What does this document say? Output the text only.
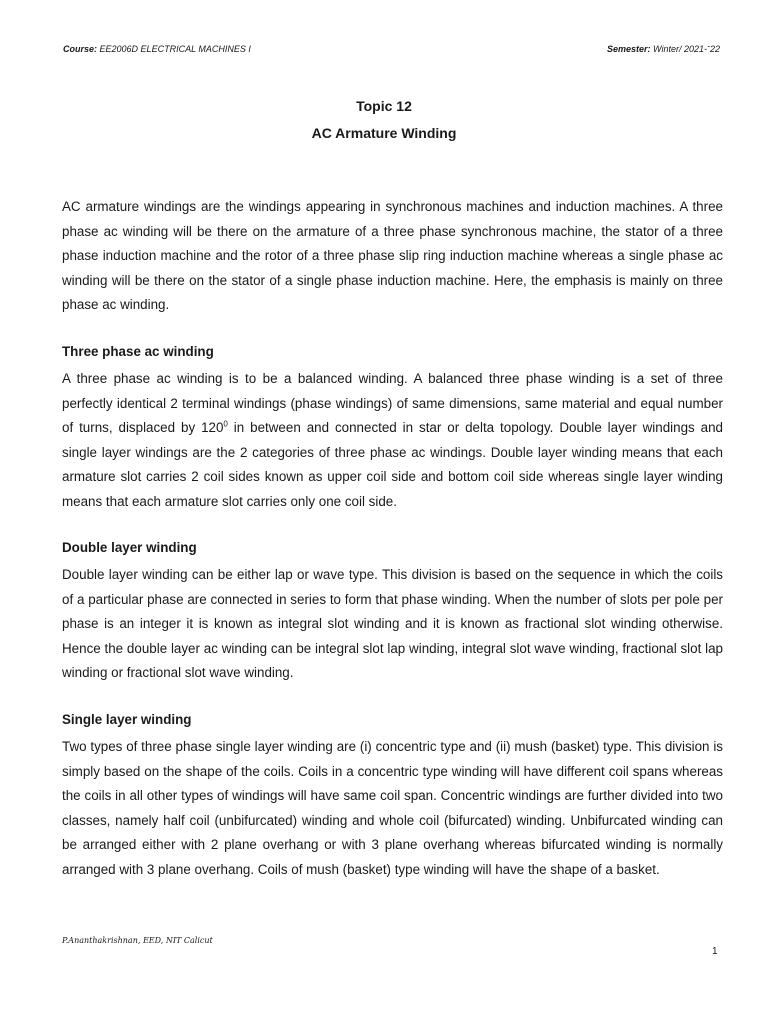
Course: EE2006D ELECTRICAL MACHINES I	Semester: Winter/ 2021-ˉ22
Topic 12
AC Armature Winding

AC armature windings are the windings appearing in synchronous machines and induction machines. A three phase ac winding will be there on the armature of a three phase synchronous machine, the stator of a three phase induction machine and the rotor of a three phase slip ring induction machine whereas a single phase ac winding will be there on the stator of a single phase induction machine. Here, the emphasis is mainly on three phase ac winding.

Three phase ac winding

A three phase ac winding is to be a balanced winding. A balanced three phase winding is a set of three perfectly identical 2 terminal windings (phase windings) of same dimensions, same material and equal number of turns, displaced by $120^0$ in between and connected in star or delta topology. Double layer windings and single layer windings are the 2 categories of three phase ac windings. Double layer winding means that each armature slot carries 2 coil sides known as upper coil side and bottom coil side whereas single layer winding means that each armature slot carries only one coil side.

Double layer winding

Double layer winding can be either lap or wave type. This division is based on the sequence in which the coils of a particular phase are connected in series to form that phase winding. When the number of slots per pole per phase is an integer it is known as integral slot winding and it is known as fractional slot winding otherwise. Hence the double layer ac winding can be integral slot lap winding, integral slot wave winding, fractional slot lap winding or fractional slot wave winding.

Single layer winding

Two types of three phase single layer winding are (i) concentric type and (ii) mush (basket) type. This division is simply based on the shape of the coils. Coils in a concentric type winding will have different coil spans whereas the coils in all other types of windings will have same coil span. Concentric windings are further divided into two classes, namely half coil (unbifurcated) winding and whole coil (bifurcated) winding. Unbifurcated winding can be arranged either with 2 plane overhang or with 3 plane overhang whereas bifurcated winding is normally arranged with 3 plane overhang. Coils of mush (basket) type winding will have the shape of a basket.

P.Ananthakrishnan, EED, NIT Calicut
1
